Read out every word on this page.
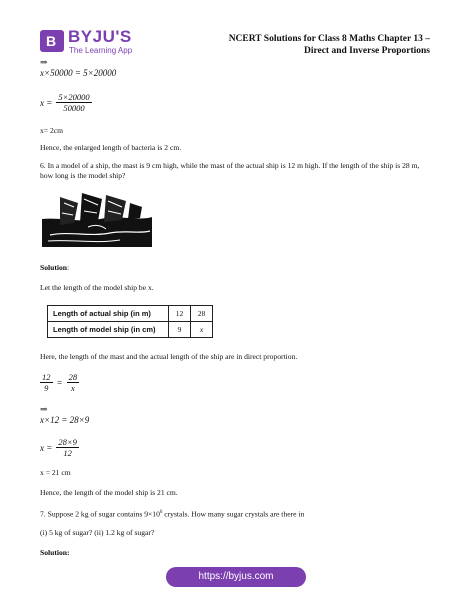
B BYJU'S
The Learning App
NCERT Solutions for Class 8 Maths Chapter 13 –
Direct and Inverse Proportions
⇒
x×50000 = 5×20000
$x = \frac{5\times 20000}{50000}$
x= 2cm
Hence, the enlarged length of bacteria is 2 cm.
6. In a model of a ship, the mast is 9 cm high, while the mast of the actual ship is 12 m high. If the length of the ship is 28 m, how long is the model ship?
Solution:
Let the length of the model ship be x.
Length of actual ship (in m)	12	28
Length of model ship (in cm)	9	x
Here, the length of the mast and the actual length of the ship are in direct proportion.
$\frac{12}{9} = \frac{28}{x}$
⇒
x×12 = 28×9
$x = \frac{28\times 9}{12}$
x = 21 cm
Hence, the length of the model ship is 21 cm.
7. Suppose 2 kg of sugar contains $9\times 10^6$ crystals. How many sugar crystals are there in
(i) 5 kg of sugar? (ii) 1.2 kg of sugar?
Solution:
https://byjus.com
